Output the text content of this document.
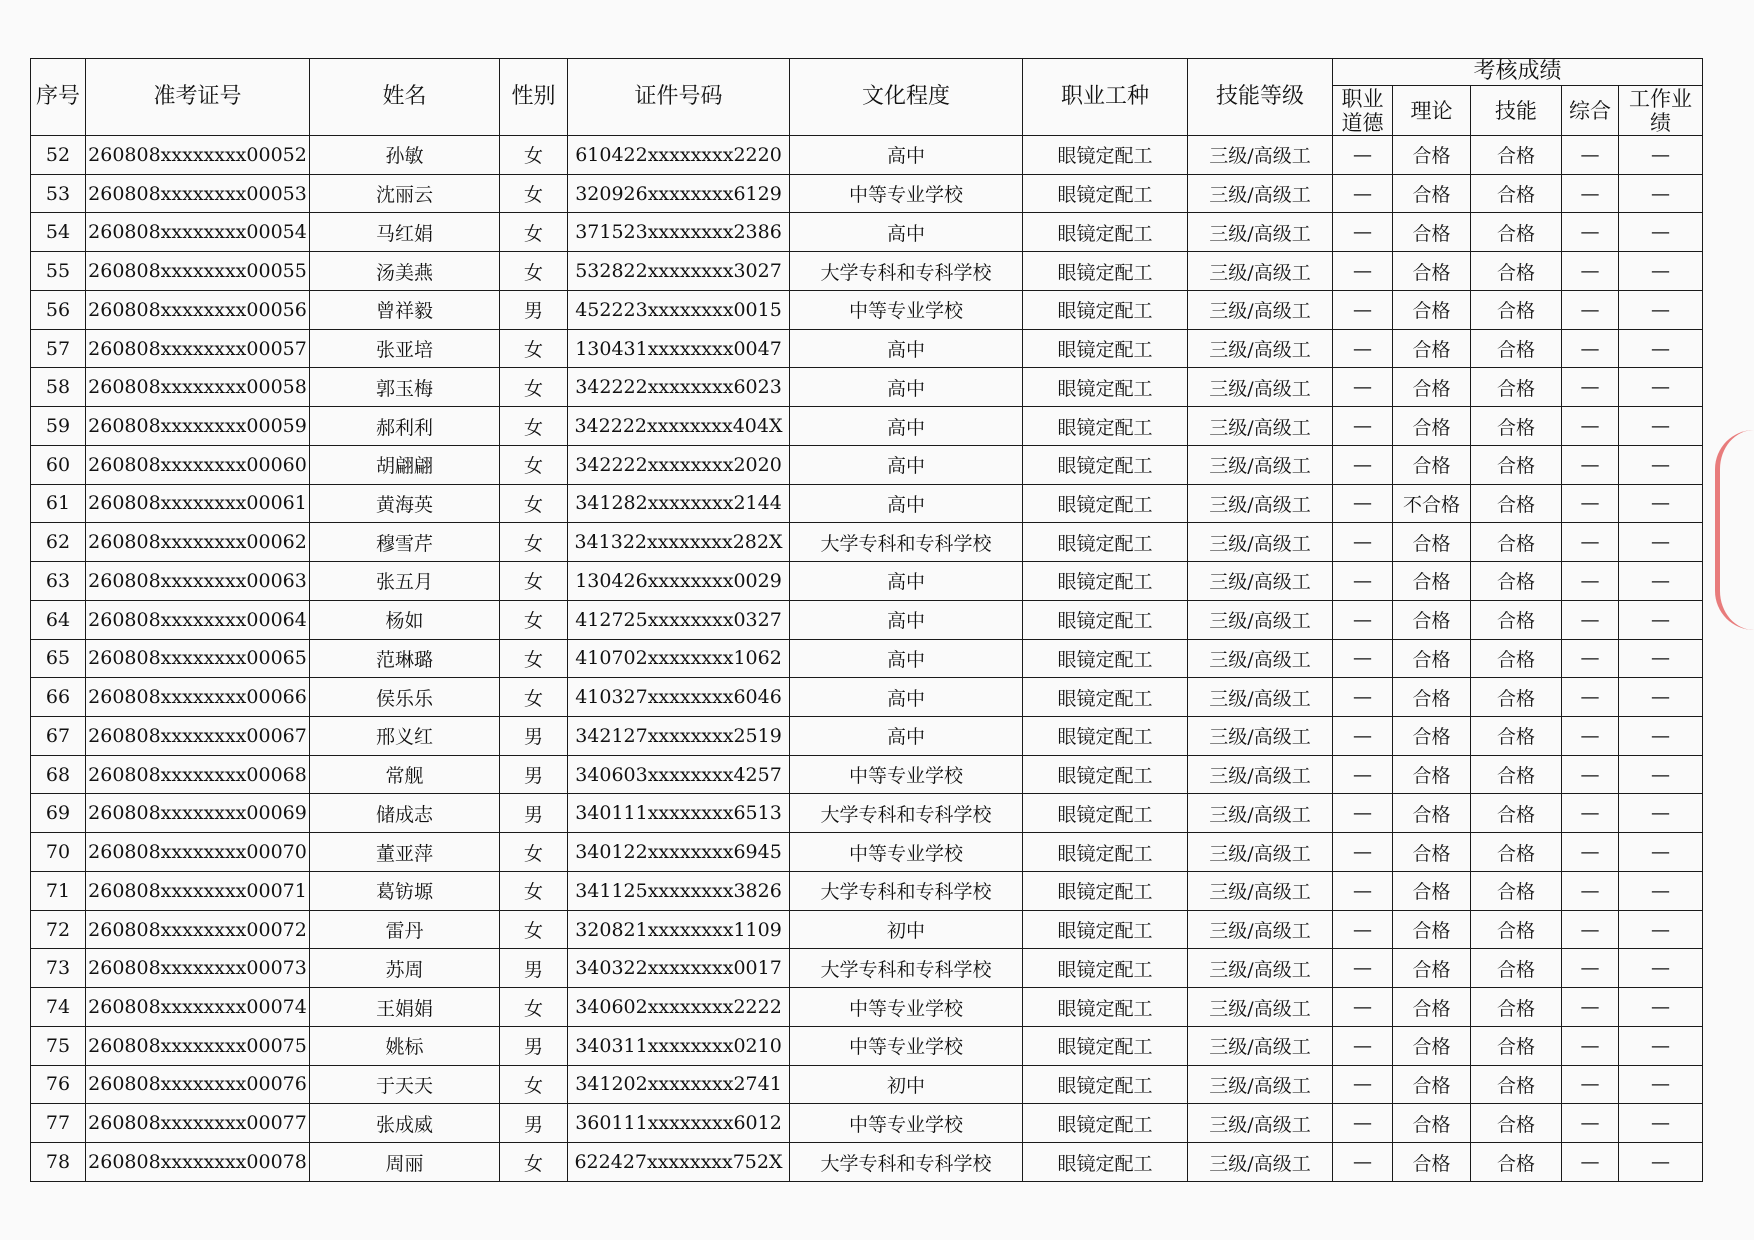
序号	准考证号	姓名	性别	证件号码	文化程度	职业工种	技能等级	考核成绩				
								职业道德	理论	技能	综合	工作业绩
52	260808xxxxxxxx00052	孙敏	女	610422xxxxxxxx2220	高中	眼镜定配工	三级/高级工	—	合格	合格	—	—
53	260808xxxxxxxx00053	沈丽云	女	320926xxxxxxxx6129	中等专业学校	眼镜定配工	三级/高级工	—	合格	合格	—	—
54	260808xxxxxxxx00054	马红娟	女	371523xxxxxxxx2386	高中	眼镜定配工	三级/高级工	—	合格	合格	—	—
55	260808xxxxxxxx00055	汤美燕	女	532822xxxxxxxx3027	大学专科和专科学校	眼镜定配工	三级/高级工	—	合格	合格	—	—
56	260808xxxxxxxx00056	曾祥毅	男	452223xxxxxxxx0015	中等专业学校	眼镜定配工	三级/高级工	—	合格	合格	—	—
57	260808xxxxxxxx00057	张亚培	女	130431xxxxxxxx0047	高中	眼镜定配工	三级/高级工	—	合格	合格	—	—
58	260808xxxxxxxx00058	郭玉梅	女	342222xxxxxxxx6023	高中	眼镜定配工	三级/高级工	—	合格	合格	—	—
59	260808xxxxxxxx00059	郝利利	女	342222xxxxxxxx404X	高中	眼镜定配工	三级/高级工	—	合格	合格	—	—
60	260808xxxxxxxx00060	胡翩翩	女	342222xxxxxxxx2020	高中	眼镜定配工	三级/高级工	—	合格	合格	—	—
61	260808xxxxxxxx00061	黄海英	女	341282xxxxxxxx2144	高中	眼镜定配工	三级/高级工	—	不合格	合格	—	—
62	260808xxxxxxxx00062	穆雪芹	女	341322xxxxxxxx282X	大学专科和专科学校	眼镜定配工	三级/高级工	—	合格	合格	—	—
63	260808xxxxxxxx00063	张五月	女	130426xxxxxxxx0029	高中	眼镜定配工	三级/高级工	—	合格	合格	—	—
64	260808xxxxxxxx00064	杨如	女	412725xxxxxxxx0327	高中	眼镜定配工	三级/高级工	—	合格	合格	—	—
65	260808xxxxxxxx00065	范琳璐	女	410702xxxxxxxx1062	高中	眼镜定配工	三级/高级工	—	合格	合格	—	—
66	260808xxxxxxxx00066	侯乐乐	女	410327xxxxxxxx6046	高中	眼镜定配工	三级/高级工	—	合格	合格	—	—
67	260808xxxxxxxx00067	邢义红	男	342127xxxxxxxx2519	高中	眼镜定配工	三级/高级工	—	合格	合格	—	—
68	260808xxxxxxxx00068	常舰	男	340603xxxxxxxx4257	中等专业学校	眼镜定配工	三级/高级工	—	合格	合格	—	—
69	260808xxxxxxxx00069	储成志	男	340111xxxxxxxx6513	大学专科和专科学校	眼镜定配工	三级/高级工	—	合格	合格	—	—
70	260808xxxxxxxx00070	董亚萍	女	340122xxxxxxxx6945	中等专业学校	眼镜定配工	三级/高级工	—	合格	合格	—	—
71	260808xxxxxxxx00071	葛钫塬	女	341125xxxxxxxx3826	大学专科和专科学校	眼镜定配工	三级/高级工	—	合格	合格	—	—
72	260808xxxxxxxx00072	雷丹	女	320821xxxxxxxx1109	初中	眼镜定配工	三级/高级工	—	合格	合格	—	—
73	260808xxxxxxxx00073	苏周	男	340322xxxxxxxx0017	大学专科和专科学校	眼镜定配工	三级/高级工	—	合格	合格	—	—
74	260808xxxxxxxx00074	王娟娟	女	340602xxxxxxxx2222	中等专业学校	眼镜定配工	三级/高级工	—	合格	合格	—	—
75	260808xxxxxxxx00075	姚标	男	340311xxxxxxxx0210	中等专业学校	眼镜定配工	三级/高级工	—	合格	合格	—	—
76	260808xxxxxxxx00076	于天天	女	341202xxxxxxxx2741	初中	眼镜定配工	三级/高级工	—	合格	合格	—	—
77	260808xxxxxxxx00077	张成威	男	360111xxxxxxxx6012	中等专业学校	眼镜定配工	三级/高级工	—	合格	合格	—	—
78	260808xxxxxxxx00078	周丽	女	622427xxxxxxxx752X	大学专科和专科学校	眼镜定配工	三级/高级工	—	合格	合格	—	—
